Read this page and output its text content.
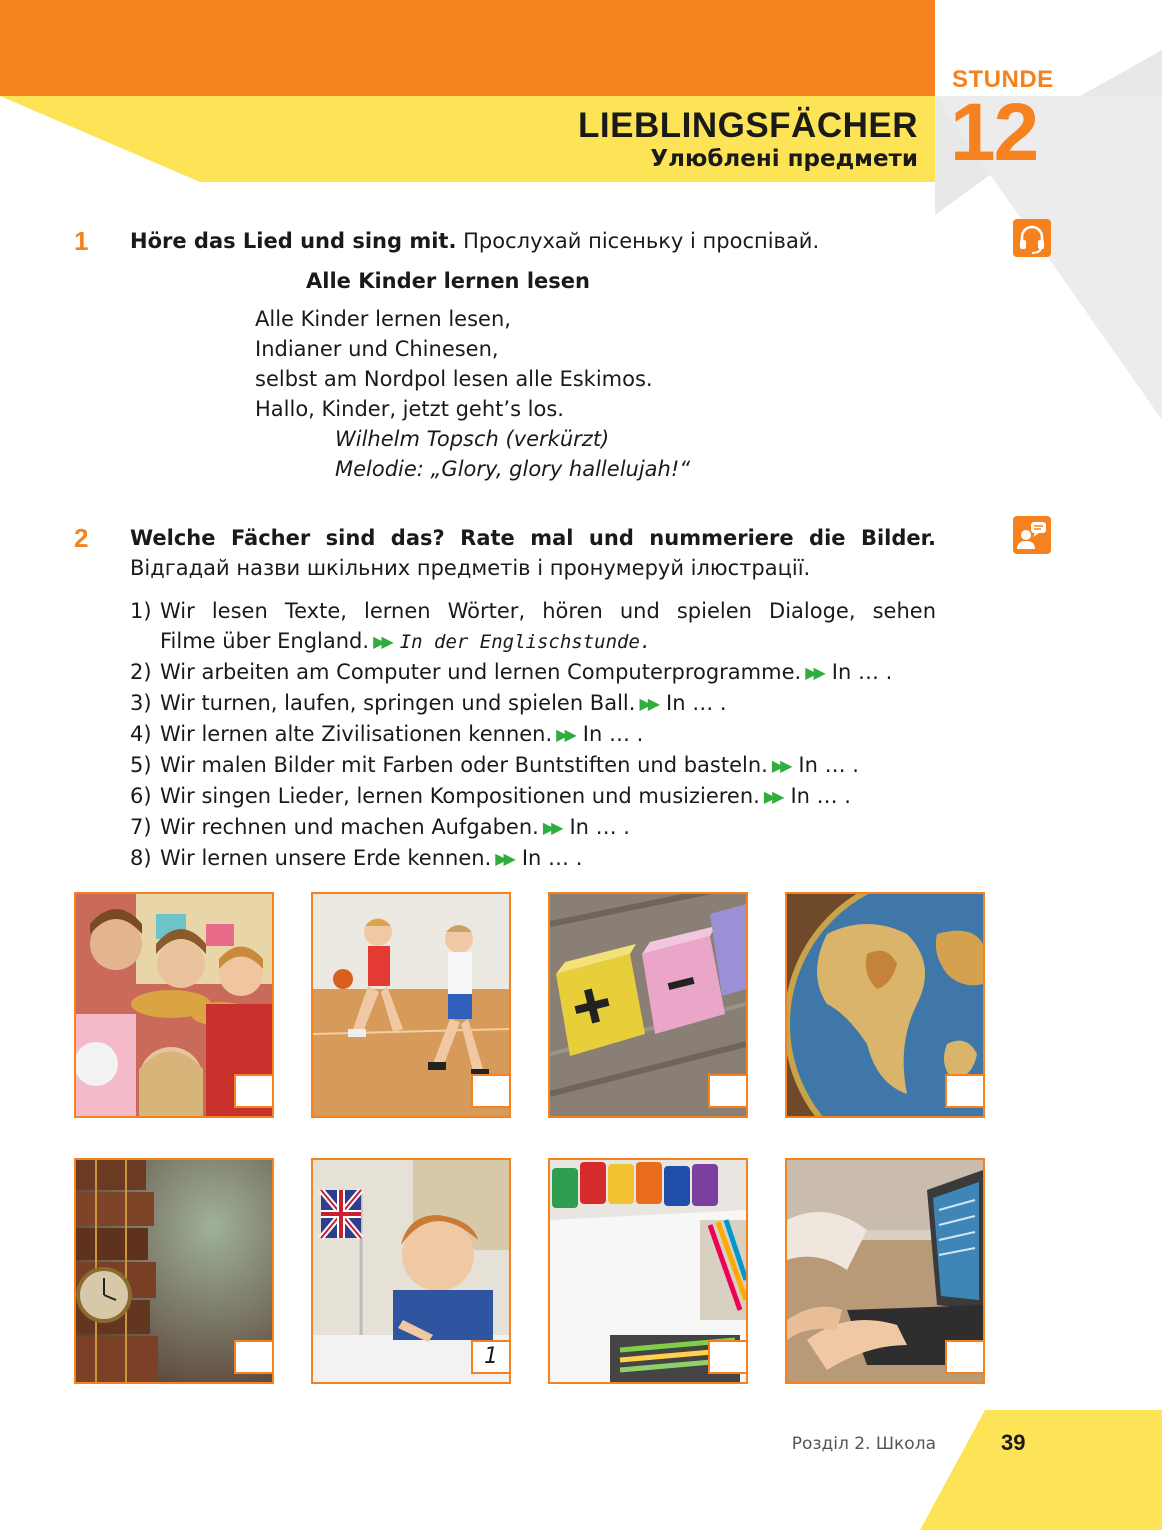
STUNDE
12
LIEBLINGSFÄCHER
Улюблені предмети
1 Höre das Lied und sing mit. Прослухай пісеньку і проспівай.
Alle Kinder lernen lesen
Alle Kinder lernen lesen,
Indianer und Chinesen,
selbst am Nordpol lesen alle Eskimos.
Hallo, Kinder, jetzt geht’s los.
Wilhelm Topsch (verkürzt)
Melodie: „Glory, glory hallelujah!“
2 Welche Fächer sind das? Rate mal und nummeriere die Bilder.
Відгадай назви шкільних предметів і пронумеруй ілюстрації.
1) Wir lesen Texte, lernen Wörter, hören und spielen Dialoge, sehen
Filme über England. ▶▶ In der Englischstunde.
2) Wir arbeiten am Computer und lernen Computerprogramme. ▶▶ In … .
3) Wir turnen, laufen, springen und spielen Ball. ▶▶ In … .
4) Wir lernen alte Zivilisationen kennen. ▶▶ In … .
5) Wir malen Bilder mit Farben oder Buntstiften und basteln. ▶▶ In … .
6) Wir singen Lieder, lernen Kompositionen und musizieren. ▶▶ In … .
7) Wir rechnen und machen Aufgaben. ▶▶ In … .
8) Wir lernen unsere Erde kennen. ▶▶ In … .
1
Розділ 2. Школа	39
